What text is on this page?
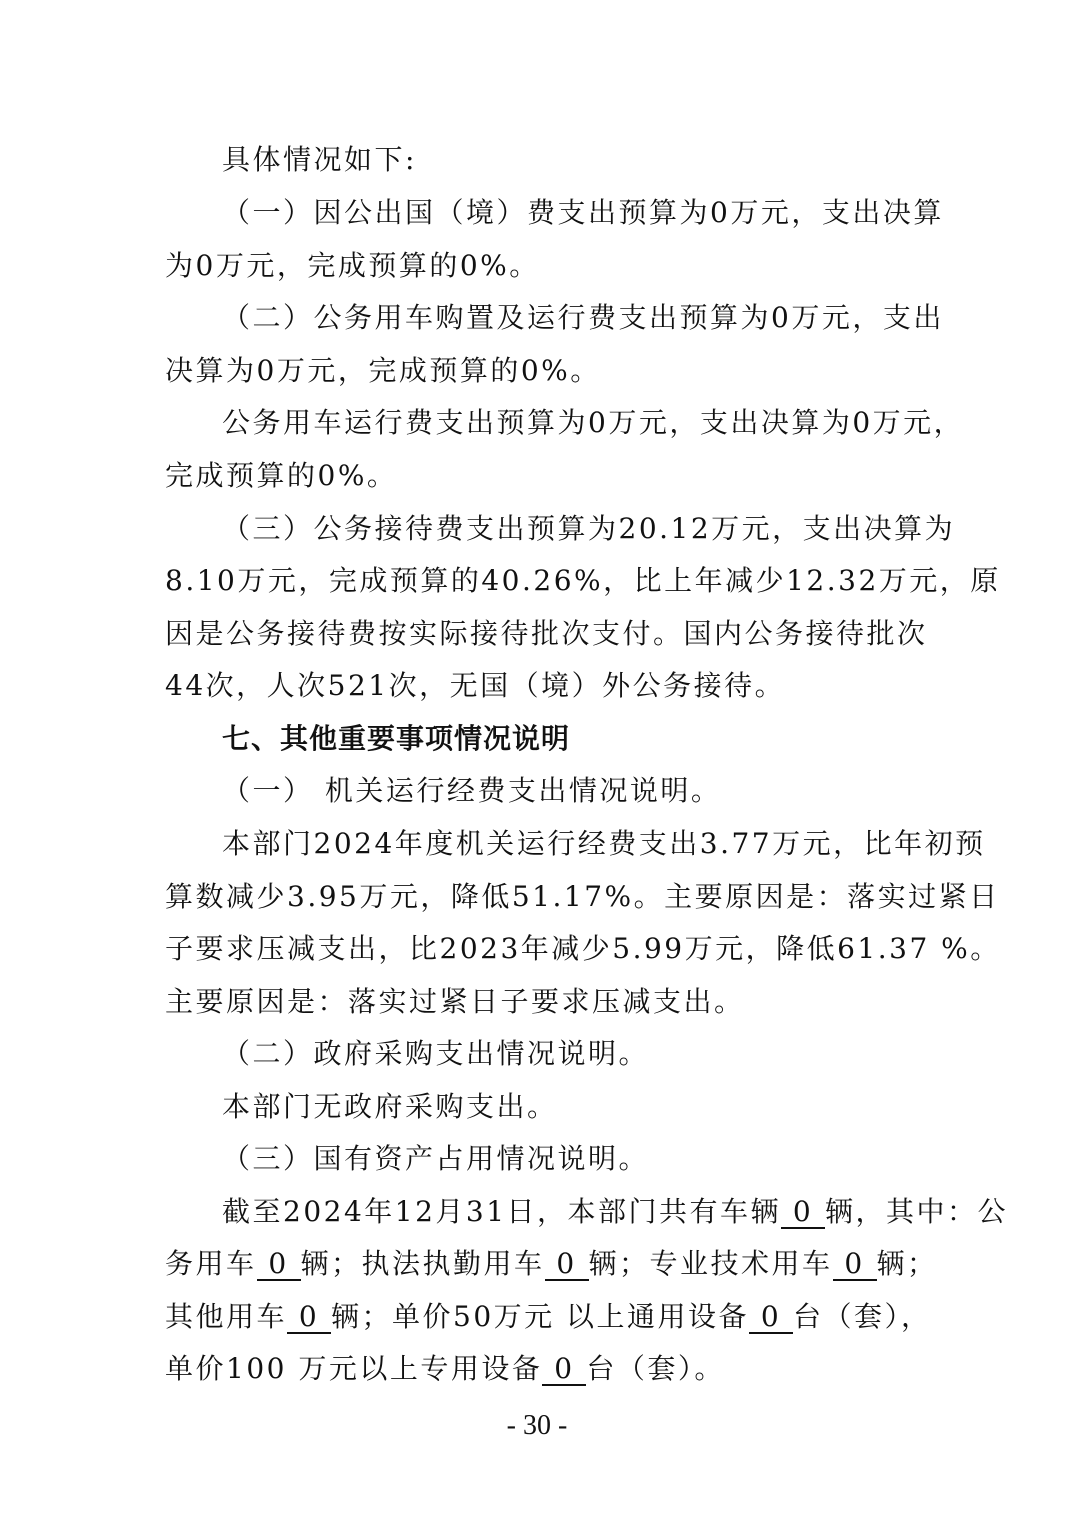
具体情况如下:
（一）因公出国（境）费支出预算为0万元，支出决算
为0万元，完成预算的0%。
（二）公务用车购置及运行费支出预算为0万元，支出
决算为0万元，完成预算的0%。
公务用车运行费支出预算为0万元，支出决算为0万元，
完成预算的0%。
（三）公务接待费支出预算为20.12万元，支出决算为
8.10万元，完成预算的40.26%，比上年减少12.32万元，原
因是公务接待费按实际接待批次支付。国内公务接待批次
44次，人次521次，无国（境）外公务接待。
七、其他重要事项情况说明
（一） 机关运行经费支出情况说明。
本部门2024年度机关运行经费支出3.77万元，比年初预
算数减少3.95万元，降低51.17%。主要原因是：落实过紧日
子要求压减支出，比2023年减少5.99万元，降低61.37 %。
主要原因是：落实过紧日子要求压减支出。
（二）政府采购支出情况说明。
本部门无政府采购支出。
（三）国有资产占用情况说明。
截至2024年12月31日，本部门共有车辆 0 辆，其中：公
务用车 0 辆；执法执勤用车 0 辆；专业技术用车 0 辆；
其他用车 0 辆；单价50万元 以上通用设备 0 台（套），
单价100 万元以上专用设备 0 台（套）。
- 30 -
